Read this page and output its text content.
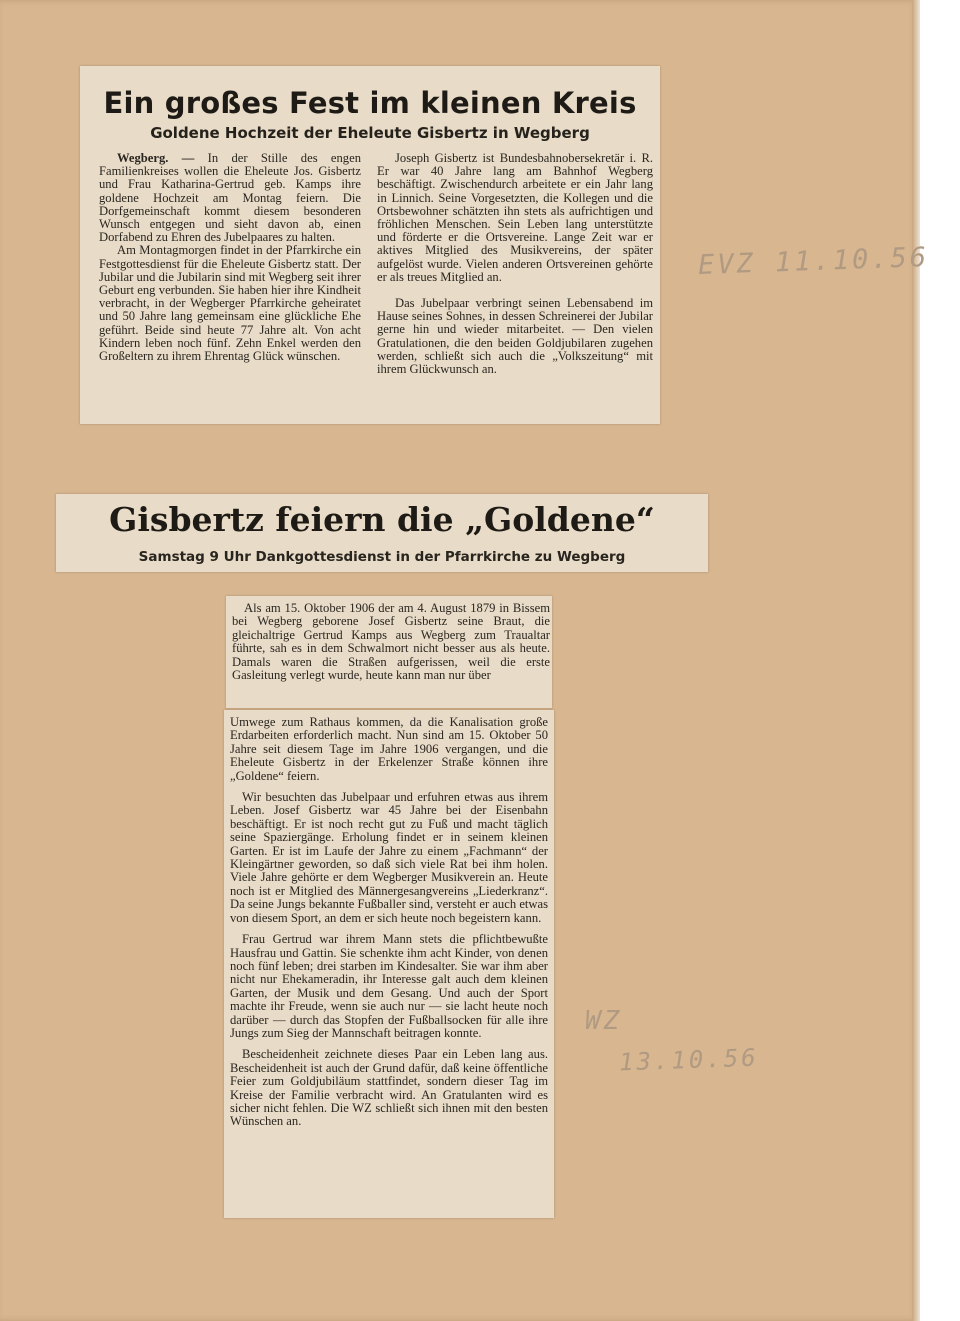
Ein großes Fest im kleinen Kreis
Goldene Hochzeit der Eheleute Gisbertz in Wegberg

Wegberg. — In der Stille des engen Familienkreises wollen die Eheleute Jos. Gisbertz und Frau Katharina-Gertrud geb. Kamps ihre goldene Hochzeit am Montag feiern. Die Dorfgemeinschaft kommt diesem besonderen Wunsch entgegen und sieht davon ab, einen Dorfabend zu Ehren des Jubelpaares zu halten.

Am Montagmorgen findet in der Pfarrkirche ein Festgottesdienst für die Eheleute Gisbertz statt. Der Jubilar und die Jubilarin sind mit Wegberg seit ihrer Geburt eng verbunden. Sie haben hier ihre Kindheit verbracht, in der Wegberger Pfarrkirche geheiratet und 50 Jahre lang gemeinsam eine glückliche Ehe geführt. Beide sind heute 77 Jahre alt. Von acht Kindern leben noch fünf. Zehn Enkel werden den Großeltern zu ihrem Ehrentag Glück wünschen.

Joseph Gisbertz ist Bundesbahnobersekretär i. R. Er war 40 Jahre lang am Bahnhof Wegberg beschäftigt. Zwischendurch arbeitete er ein Jahr lang in Linnich. Seine Vorgesetzten, die Kollegen und die Ortsbewohner schätzten ihn stets als aufrichtigen und fröhlichen Menschen. Sein Leben lang unterstützte und förderte er die Ortsvereine. Lange Zeit war er aktives Mitglied des Musikvereins, der später aufgelöst wurde. Vielen anderen Ortsvereinen gehörte er als treues Mitglied an.

Das Jubelpaar verbringt seinen Lebensabend im Hause seines Sohnes, in dessen Schreinerei der Jubilar gerne hin und wieder mitarbeitet. — Den vielen Gratulationen, die den beiden Goldjubilaren zugehen werden, schließt sich auch die „Volkszeitung“ mit ihrem Glückwunsch an.

Gisbertz feiern die „Goldene“
Samstag 9 Uhr Dankgottesdienst in der Pfarrkirche zu Wegberg

Als am 15. Oktober 1906 der am 4. August 1879 in Bissem bei Wegberg geborene Josef Gisbertz seine Braut, die gleichaltrige Gertrud Kamps aus Wegberg zum Traualtar führte, sah es in dem Schwalmort nicht besser aus als heute. Damals waren die Straßen aufgerissen, weil die erste Gasleitung verlegt wurde, heute kann man nur über

Umwege zum Rathaus kommen, da die Kanalisation große Erdarbeiten erforderlich macht. Nun sind am 15. Oktober 50 Jahre seit diesem Tage im Jahre 1906 vergangen, und die Eheleute Gisbertz in der Erkelenzer Straße können ihre „Goldene“ feiern.

Wir besuchten das Jubelpaar und erfuhren etwas aus ihrem Leben. Josef Gisbertz war 45 Jahre bei der Eisenbahn beschäftigt. Er ist noch recht gut zu Fuß und macht täglich seine Spaziergänge. Erholung findet er in seinem kleinen Garten. Er ist im Laufe der Jahre zu einem „Fachmann“ der Kleingärtner geworden, so daß sich viele Rat bei ihm holen. Viele Jahre gehörte er dem Wegberger Musikverein an. Heute noch ist er Mitglied des Männergesangvereins „Liederkranz“. Da seine Jungs bekannte Fußballer sind, versteht er auch etwas von diesem Sport, an dem er sich heute noch begeistern kann.

Frau Gertrud war ihrem Mann stets die pflichtbewußte Hausfrau und Gattin. Sie schenkte ihm acht Kinder, von denen noch fünf leben; drei starben im Kindesalter. Sie war ihm aber nicht nur Ehekameradin, ihr Interesse galt auch dem kleinen Garten, der Musik und dem Gesang. Und auch der Sport machte ihr Freude, wenn sie auch nur — sie lacht heute noch darüber — durch das Stopfen der Fußballsocken für alle ihre Jungs zum Sieg der Mannschaft beitragen konnte.

Bescheidenheit zeichnete dieses Paar ein Leben lang aus. Bescheidenheit ist auch der Grund dafür, daß keine öffentliche Feier zum Goldjubiläum stattfindet, sondern dieser Tag im Kreise der Familie verbracht wird. An Gratulanten wird es sicher nicht fehlen. Die WZ schließt sich ihnen mit den besten Wünschen an.

EVZ 11.10.56

WZ

13.10.56
